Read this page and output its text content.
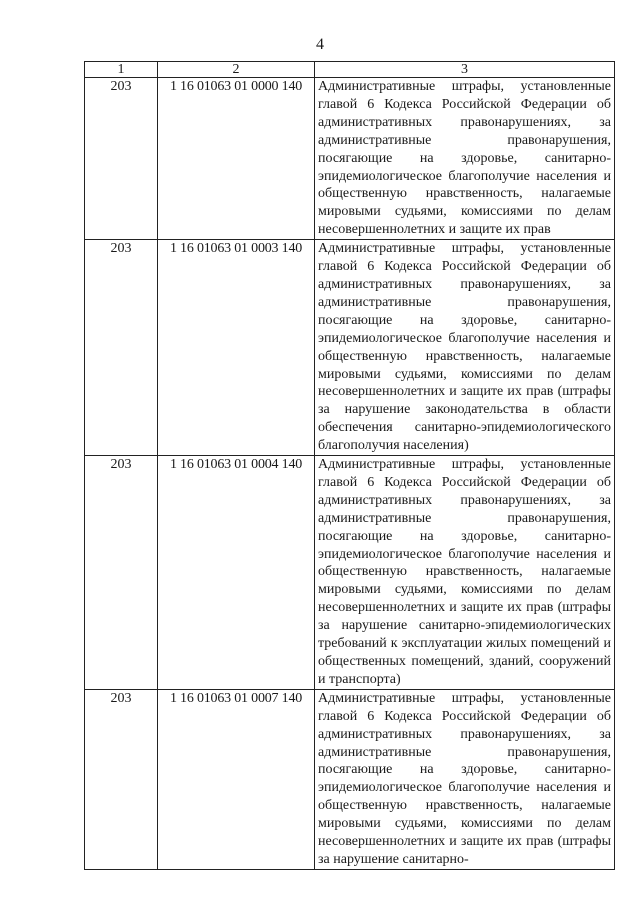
4
1	2	3
203	1 16 01063 01 0000 140	Административные штрафы, установленные главой 6 Кодекса Российской Федерации об административных правонарушениях, за административные правонарушения, посягающие на здоровье, санитарно-эпидемиологическое благополучие населения и общественную нравственность, налагаемые мировыми судьями, комиссиями по делам несовершеннолетних и защите их прав
203	1 16 01063 01 0003 140	Административные штрафы, установленные главой 6 Кодекса Российской Федерации об административных правонарушениях, за административные правонарушения, посягающие на здоровье, санитарно-эпидемиологическое благополучие населения и общественную нравственность, налагаемые мировыми судьями, комиссиями по делам несовершеннолетних и защите их прав (штрафы за нарушение законодательства в области обеспечения санитарно-эпидемиологического благополучия населения)
203	1 16 01063 01 0004 140	Административные штрафы, установленные главой 6 Кодекса Российской Федерации об административных правонарушениях, за административные правонарушения, посягающие на здоровье, санитарно-эпидемиологическое благополучие населения и общественную нравственность, налагаемые мировыми судьями, комиссиями по делам несовершеннолетних и защите их прав (штрафы за нарушение санитарно-эпидемиологических требований к эксплуатации жилых помещений и общественных помещений, зданий, сооружений и транспорта)
203	1 16 01063 01 0007 140	Административные штрафы, установленные главой 6 Кодекса Российской Федерации об административных правонарушениях, за административные правонарушения, посягающие на здоровье, санитарно-эпидемиологическое благополучие населения и общественную нравственность, налагаемые мировыми судьями, комиссиями по делам несовершеннолетних и защите их прав (штрафы за нарушение санитарно-
